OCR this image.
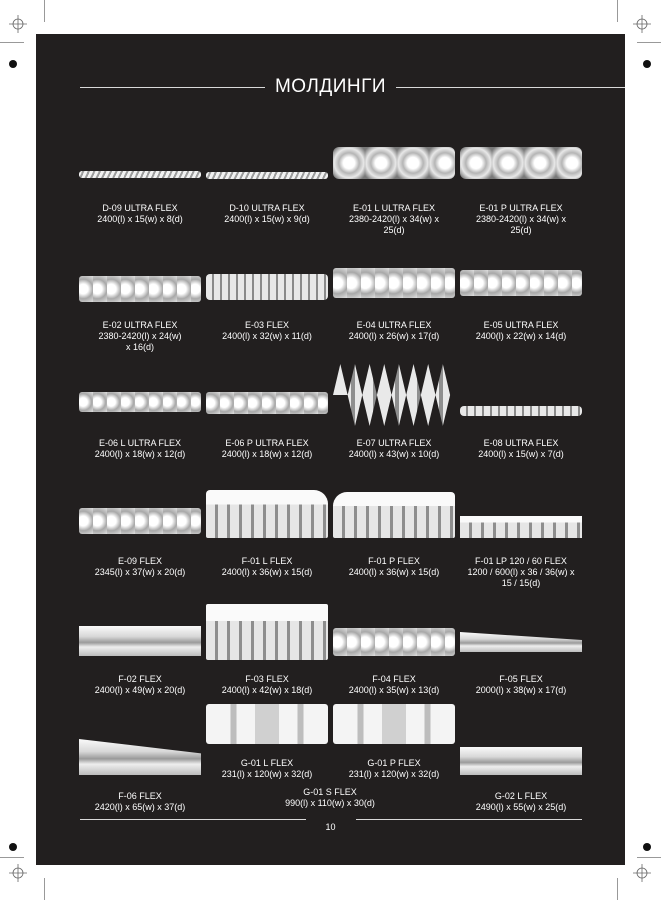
МОЛДИНГИ
D-09 ULTRA FLEX
2400(l) x 15(w) x 8(d)
D-10 ULTRA FLEX
2400(l) x 15(w) x 9(d)
E-01 L ULTRA FLEX
2380-2420(l) x 34(w) x
25(d)
E-01 P ULTRA FLEX
2380-2420(l) x 34(w) x
25(d)
E-02 ULTRA FLEX
2380-2420(l) x 24(w)
x 16(d)
E-03 FLEX
2400(l) x 32(w) x 11(d)
E-04 ULTRA FLEX
2400(l) x 26(w) x 17(d)
E-05 ULTRA FLEX
2400(l) x 22(w) x 14(d)
E-06 L ULTRA FLEX
2400(l) x 18(w) x 12(d)
E-06 P ULTRA FLEX
2400(l) x 18(w) x 12(d)
E-07 ULTRA FLEX
2400(l) x 43(w) x 10(d)
E-08 ULTRA FLEX
2400(l) x 15(w) x 7(d)
E-09 FLEX
2345(l) x 37(w) x 20(d)
F-01 L FLEX
2400(l) x 36(w) x 15(d)
F-01 P FLEX
2400(l) x 36(w) x 15(d)
F-01 LP 120 / 60 FLEX
1200 / 600(l) x 36 / 36(w) x
15 / 15(d)
F-02 FLEX
2400(l) x 49(w) x 20(d)
F-03 FLEX
2400(l) x 42(w) x 18(d)
F-04 FLEX
2400(l) x 35(w) x 13(d)
F-05 FLEX
2000(l) x 38(w) x 17(d)
F-06 FLEX
2420(l) x 65(w) x 37(d)
G-01 L FLEX
231(l) x 120(w) x 32(d)
G-01 P FLEX
231(l) x 120(w) x 32(d)
G-01 S FLEX
990(l) x 110(w) x 30(d)
G-02 L FLEX
2490(l) x 55(w) x 25(d)
10
